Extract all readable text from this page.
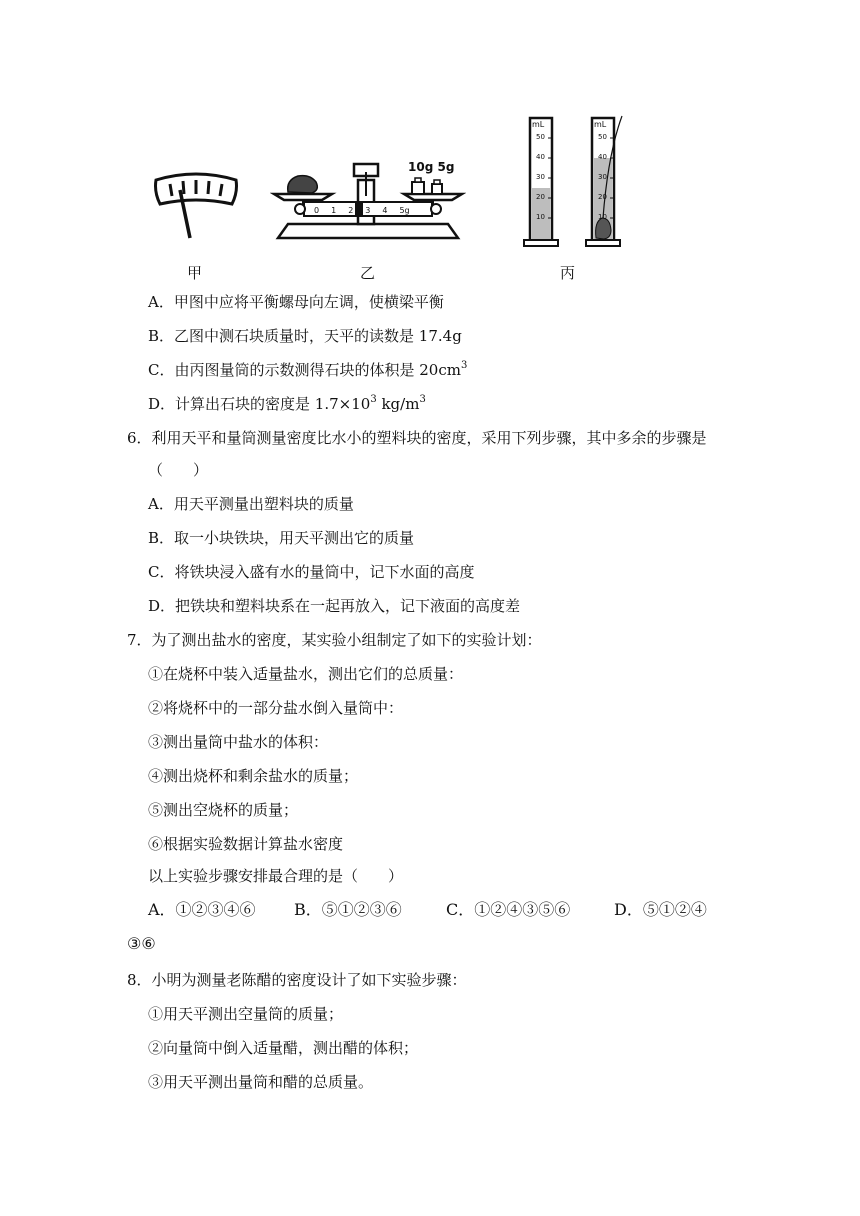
10g 5g
0 1 2 3 4 5g
mL	mL
50
40
30
20
10
50
40
30
20
10
甲	乙	丙
A．甲图中应将平衡螺母向左调，使横梁平衡
B．乙图中测石块质量时，天平的读数是 17.4g
C．由丙图量筒的示数测得石块的体积是 $20cm^3$
D．计算出石块的密度是 $1.7\times 10^3$ $kg/m^3$
6．利用天平和量筒测量密度比水小的塑料块的密度，采用下列步骤，其中多余的步骤是
（　　）
A．用天平测量出塑料块的质量
B．取一小块铁块，用天平测出它的质量
C．将铁块浸入盛有水的量筒中，记下水面的高度
D．把铁块和塑料块系在一起再放入，记下液面的高度差
7．为了测出盐水的密度，某实验小组制定了如下的实验计划：
①在烧杯中装入适量盐水，测出它们的总质量：
②将烧杯中的一部分盐水倒入量筒中：
③测出量筒中盐水的体积：
④测出烧杯和剩余盐水的质量；
⑤测出空烧杯的质量；
⑥根据实验数据计算盐水密度
以上实验步骤安排最合理的是（　　）
A．①②③④⑥ B．⑤①②③⑥	C．①②④③⑤⑥	D．⑤①②④
③⑥
8．小明为测量老陈醋的密度设计了如下实验步骤：
①用天平测出空量筒的质量；
②向量筒中倒入适量醋，测出醋的体积；
③用天平测出量筒和醋的总质量。
